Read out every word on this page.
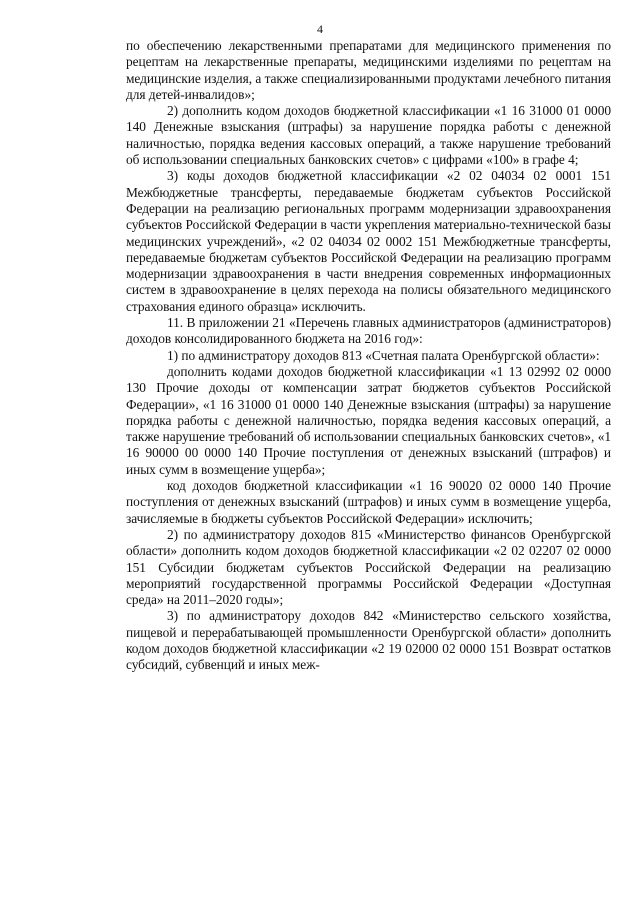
4

по обеспечению лекарственными препаратами для медицинского применения по рецептам на лекарственные препараты, медицинскими изделиями по рецептам на медицинские изделия, а также специализированными продуктами лечебного питания для детей-инвалидов»;

2) дополнить кодом доходов бюджетной классификации «1 16 31000 01 0000 140 Денежные взыскания (штрафы) за нарушение порядка работы с денежной наличностью, порядка ведения кассовых операций, а также нарушение требований об использовании специальных банковских счетов» с цифрами «100» в графе 4;

3) коды доходов бюджетной классификации «2 02 04034 02 0001 151 Межбюджетные трансферты, передаваемые бюджетам субъектов Российской Федерации на реализацию региональных программ модернизации здравоохранения субъектов Российской Федерации в части укрепления материально-технической базы медицинских учреждений», «2 02 04034 02 0002 151 Межбюджетные трансферты, передаваемые бюджетам субъектов Российской Федерации на реализацию программ модернизации здравоохранения в части внедрения современных информационных систем в здравоохранение в целях перехода на полисы обязательного медицинского страхования единого образца» исключить.

11. В приложении 21 «Перечень главных администраторов (администраторов) доходов консолидированного бюджета на 2016 год»:

1) по администратору доходов 813 «Счетная палата Оренбургской области»:

дополнить кодами доходов бюджетной классификации «1 13 02992 02 0000 130 Прочие доходы от компенсации затрат бюджетов субъектов Российской Федерации», «1 16 31000 01 0000 140 Денежные взыскания (штрафы) за нарушение порядка работы с денежной наличностью, порядка ведения кассовых операций, а также нарушение требований об использовании специальных банковских счетов», «1 16 90000 00 0000 140 Прочие поступления от денежных взысканий (штрафов) и иных сумм в возмещение ущерба»;

код доходов бюджетной классификации «1 16 90020 02 0000 140 Прочие поступления от денежных взысканий (штрафов) и иных сумм в возмещение ущерба, зачисляемые в бюджеты субъектов Российской Федерации» исключить;

2) по администратору доходов 815 «Министерство финансов Оренбургской области» дополнить кодом доходов бюджетной классификации «2 02 02207 02 0000 151 Субсидии бюджетам субъектов Российской Федерации на реализацию мероприятий государственной программы Российской Федерации «Доступная среда» на 2011–2020 годы»;

3) по администратору доходов 842 «Министерство сельского хозяйства, пищевой и перерабатывающей промышленности Оренбургской области» дополнить кодом доходов бюджетной классификации «2 19 02000 02 0000 151 Возврат остатков субсидий, субвенций и иных меж-
